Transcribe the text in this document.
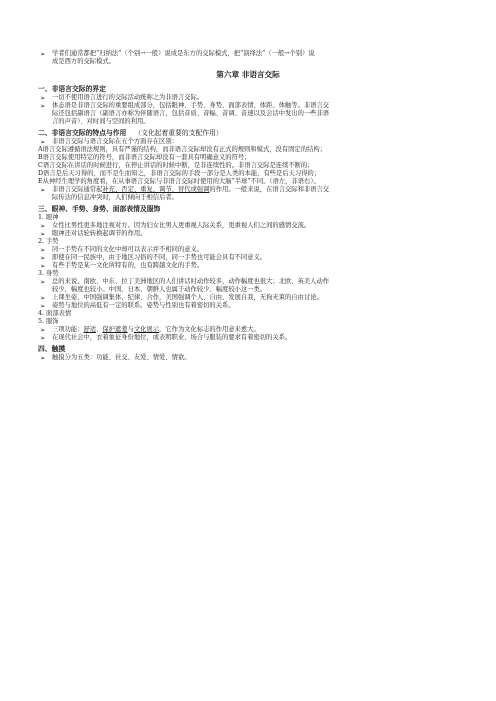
➢ 学者们通常都把“归纳法”（个别→一般）说成是东方的交际模式，把“演绎法”（一般→个别）说
成是西方的交际模式。
第六章 非语言交际
一、非语言交际的界定
➢ 一切不使用语言进行的交际活动统称之为非语言交际。
➢ 体态语是非语言交际的重要组成部分，包括眼神、手势、身势、面部表情、体距、体触等。非语言交
际还包括副语言（副语言亦称为伴随语言，包括音质、音幅、音调、音速以及会话中发出的一些非语
言的声音）、对时间与空间的利用。
二、非语言交际的特点与作用 （文化起着重要的支配作用）
➢ 非语言交际与语言交际在五个方面存在区别：
A语言交际遵循语法规则，具有严谨的结构，而非语言交际却没有正式的规则和模式，没有固定的结构；
B语言交际使用特定的符号，而非语言交际却没有一套具有明确意义的符号；
C语言交际在讲话的时候进行，在停止讲话的时候中断，是非连续性的。非语言交际是连续不断的；
D语言是后天习得的，而不是生而知之，非语言交际的手段一部分是人类的本能，有些是后天习得的；
E从神经生理学的角度看，在从事语言交际与非语言交际时使用的大脑“半球”不同。（语左，非语右）。
➢ 非语言交际通常起补充、否定、重复、调节、替代或强调的作用。一般来说，在语言交际和非语言交
际传达的信息冲突时，人们倾向于相信后者。
三、眼神、手势、身势、面部表情及服饰
1. 眼神
➢ 女性比男性更多地注视对方。因为妇女比男人更重视人际关系，更重视人们之间的感情交流。
➢ 眼神还对话轮转换起调节的作用。
2. 手势
➢ 同一手势在不同的文化中却可以表示并不相同的意义。
➢ 即使在同一民族中，由于地区习俗的不同，同一手势也可能会具有不同意义。
➢ 有些手势是某一文化所特有的，也有跨越文化的手势。
3. 身势
➢ 总的来说，南欧、中东、拉丁美洲地区的人们讲话时动作较多，动作幅度也很大；北欧、英美人动作
较少，幅度也较小。中国、日本、朝鲜人也属于动作较少、幅度较小这一类。
➢ 上课坐姿，中国强调集体、纪律、合作，美国强调个人、自由、发展自我，无拘无束的自由讨论。
➢ 姿势与地位的高低有一定的联系。姿势与性别也有着密切的关系。
4. 面部表情
5. 服饰
➢ 三项功能：舒适、保护遮羞与文化展示，它作为文化标志的作用意来愈大。
➢ 在现代社会中，衣着象征身份地位，或表明职业、场合与服装的要求有着密切的关系。
四、触摸
➢ 触摸分为五类：功能、社交、友爱、情爱、情欲。
